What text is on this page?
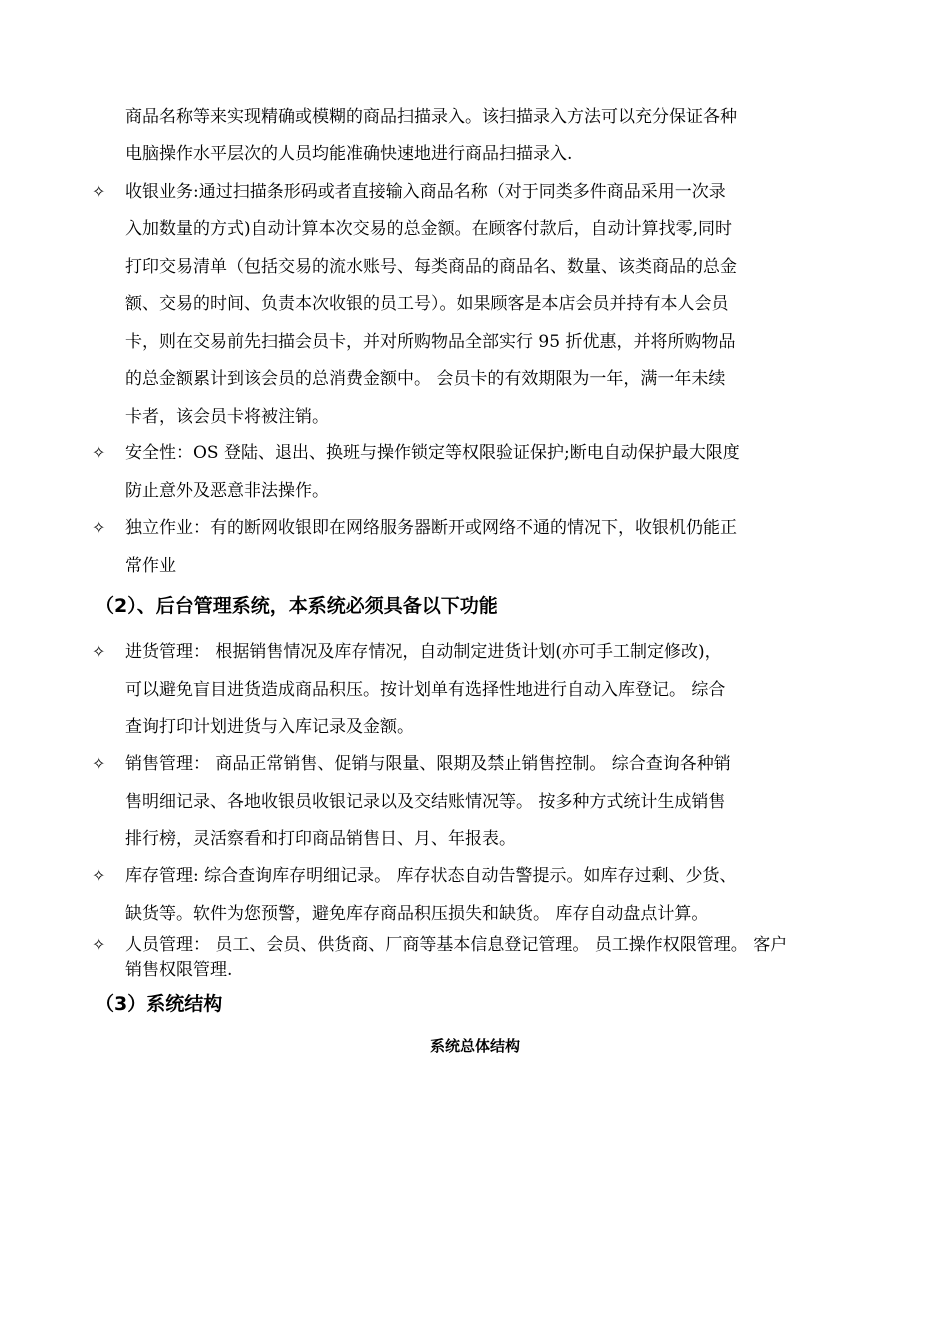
商品名称等来实现精确或模糊的商品扫描录入。该扫描录入方法可以充分保证各种
电脑操作水平层次的人员均能准确快速地进行商品扫描录入.
✧ 收银业务:通过扫描条形码或者直接输入商品名称（对于同类多件商品采用一次录
入加数量的方式)自动计算本次交易的总金额。在顾客付款后，自动计算找零,同时
打印交易清单（包括交易的流水账号、每类商品的商品名、数量、该类商品的总金
额、交易的时间、负责本次收银的员工号）。如果顾客是本店会员并持有本人会员
卡，则在交易前先扫描会员卡，并对所购物品全部实行 95 折优惠，并将所购物品
的总金额累计到该会员的总消费金额中。 会员卡的有效期限为一年，满一年未续
卡者，该会员卡将被注销。
✧ 安全性：OS 登陆、退出、换班与操作锁定等权限验证保护;断电自动保护最大限度
防止意外及恶意非法操作。
✧ 独立作业：有的断网收银即在网络服务器断开或网络不通的情况下，收银机仍能正
常作业
（2）、后台管理系统，本系统必须具备以下功能
✧ 进货管理： 根据销售情况及库存情况，自动制定进货计划(亦可手工制定修改)，
可以避免盲目进货造成商品积压。按计划单有选择性地进行自动入库登记。 综合
查询打印计划进货与入库记录及金额。
✧ 销售管理： 商品正常销售、促销与限量、限期及禁止销售控制。 综合查询各种销
售明细记录、各地收银员收银记录以及交结账情况等。 按多种方式统计生成销售
排行榜，灵活察看和打印商品销售日、月、年报表。
✧ 库存管理: 综合查询库存明细记录。 库存状态自动告警提示。如库存过剩、少货、
缺货等。软件为您预警，避免库存商品积压损失和缺货。 库存自动盘点计算。
✧ 人员管理： 员工、会员、供货商、厂商等基本信息登记管理。 员工操作权限管理。 客户
销售权限管理.
（3）系统结构
系统总体结构
